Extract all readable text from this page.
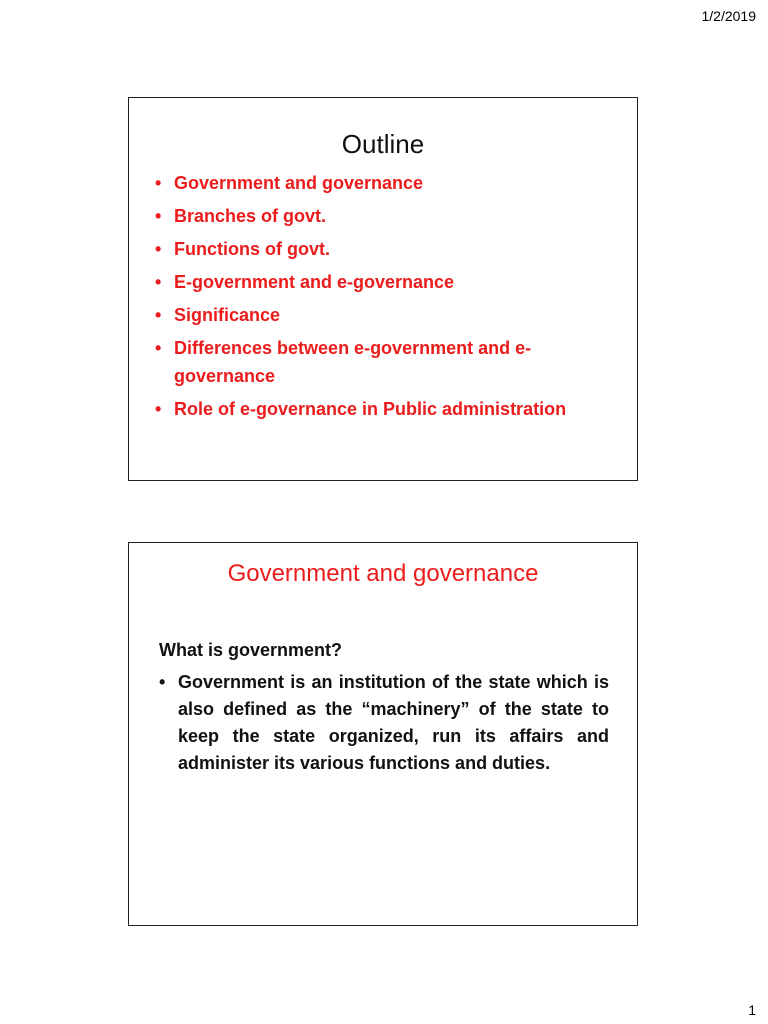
1/2/2019
Outline
• Government and governance
• Branches of govt.
• Functions of govt.
• E-government and e-governance
• Significance
• Differences between e-government and e-governance
• Role of e-governance in Public administration
Government and governance
What is government?
• Government is an institution of the state which is also defined as the “machinery” of the state to keep the state organized, run its affairs and administer its various functions and duties.
1
